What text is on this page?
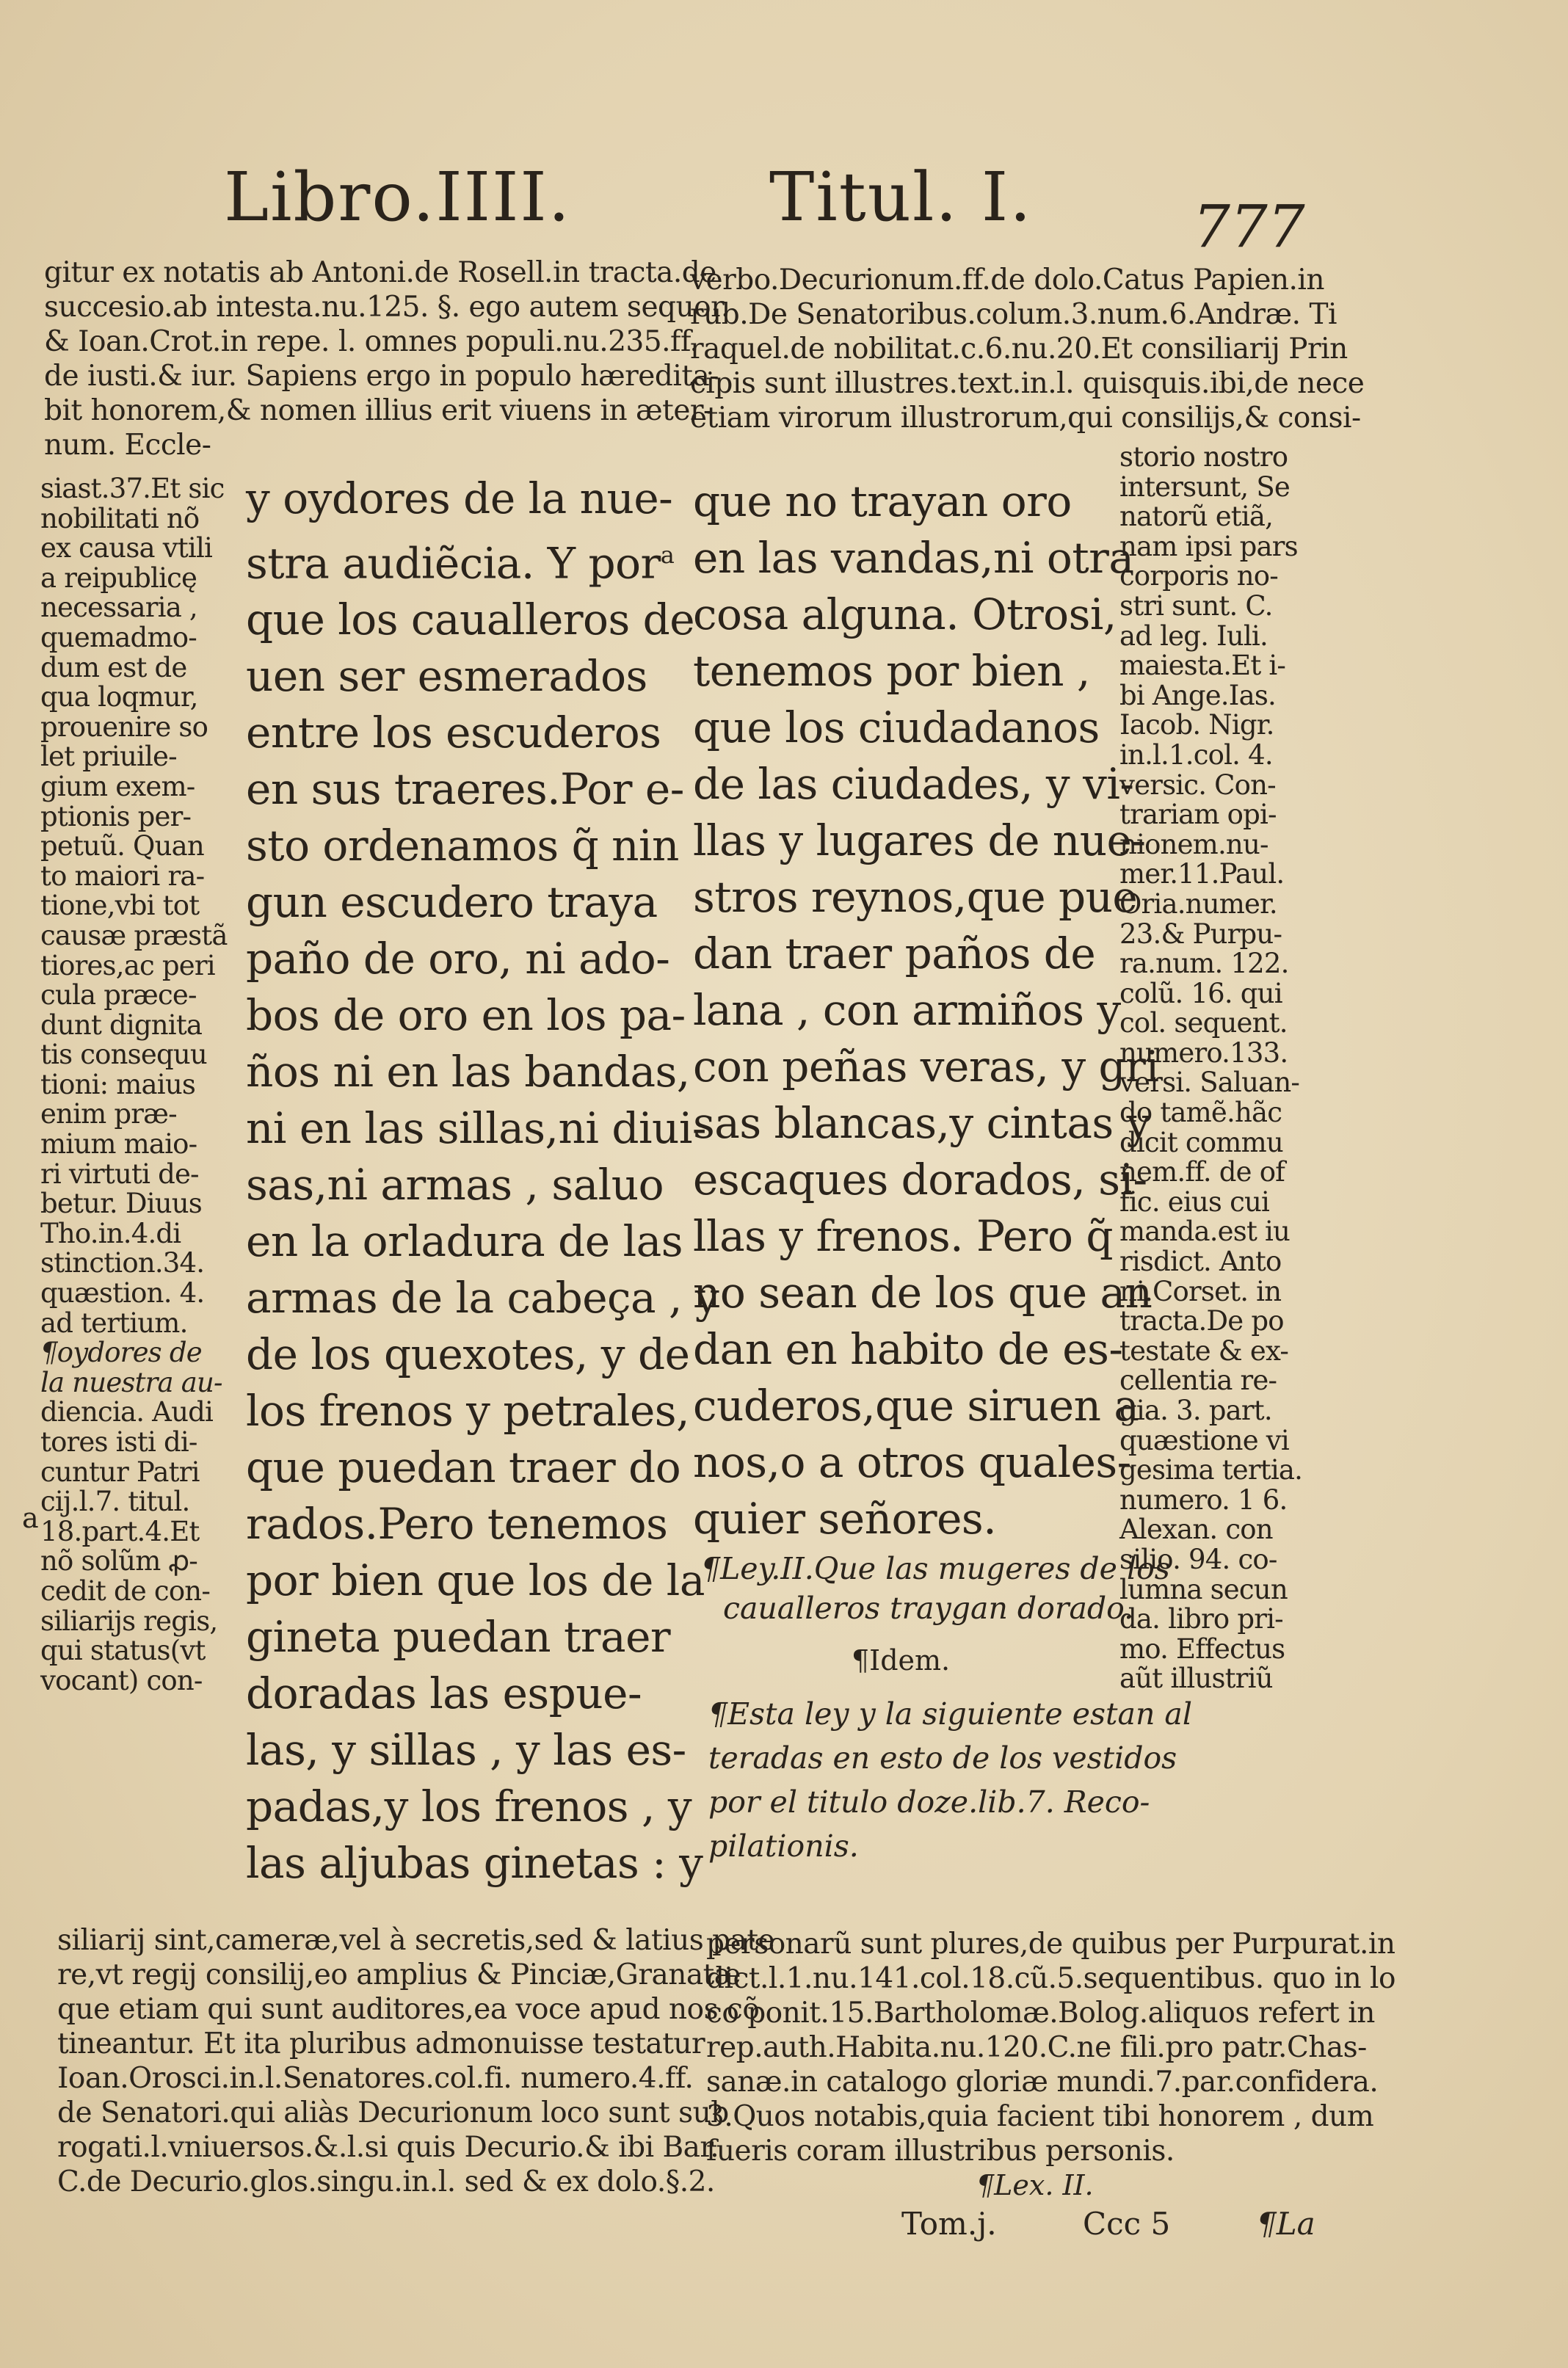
Libro.IIII.	Titul. I.	777
gitur ex notatis ab Antoni.de Rosell.in tracta.de
succesio.ab intesta.nu.125. §. ego autem sequor.
& Ioan.Crot.in repe. l. omnes populi.nu.235.ff.
de iusti.& iur. Sapiens ergo in populo hæredita-
bit honorem,& nomen illius erit viuens in æter-
num. Eccle-
verbo.Decurionum.ff.de dolo.Catus Papien.in
rub.De Senatoribus.colum.3.num.6.Andræ. Ti
raquel.de nobilitat.c.6.nu.20.Et consiliarij Prin
cipis sunt illustres.text.in.l. quisquis.ibi,de nece
etiam virorum illustrorum,qui consilijs,& consi-
siast.37.Et sic
nobilitati nõ
ex causa vtili
a reipublicę
necessaria ,
quemadmo-
dum est de
qua loqmur,
prouenire so
let priuile-
gium exem-
ptionis per-
petuũ. Quan
to maiori ra-
tione,vbi tot
causæ præstã
tiores,ac peri
cula præce-
dunt dignita
tis consequu
tioni: maius
enim præ-
mium maio-
ri virtuti de-
betur. Diuus
Tho.in.4.di
stinction.34.
quæstion. 4.
ad tertium.
¶oydores de
la nuestra au-
diencia. Audi
tores isti di-
cuntur Patri
cij.l.7. titul.
18.part.4.Et
nõ solũm ꝓ-
cedit de con-
siliarijs regis,
qui status(vt
vocant) con-
a
y oydores de la nue-
stra audiẽcia. Y por$^a$
que los caualleros de
uen ser esmerados
entre los escuderos
en sus traeres.Por e-
sto ordenamos q̃ nin
gun escudero traya
paño de oro, ni ado-
bos de oro en los pa-
ños ni en las bandas,
ni en las sillas,ni diui-
sas,ni armas , saluo
en la orladura de las
armas de la cabeça , y
de los quexotes, y de
los frenos y petrales,
que puedan traer do
rados.Pero tenemos
por bien que los de la
gineta puedan traer
doradas las espue-
las, y sillas , y las es-
padas,y los frenos , y
las aljubas ginetas : y
que no trayan oro
en las vandas,ni otra
cosa alguna. Otrosi,
tenemos por bien ,
que los ciudadanos
de las ciudades, y vi-
llas y lugares de nue-
stros reynos,que pue
dan traer paños de
lana , con armiños y
con peñas veras, y gri
sas blancas,y cintas y
escaques dorados, si-
llas y frenos. Pero q̃
no sean de los que an
dan en habito de es-
cuderos,que siruen a
nos,o a otros quales-
quier señores.
¶Ley.II.Que las mugeres de los
caualleros traygan dorado.
¶Idem.
¶Esta ley y la siguiente estan al
teradas en esto de los vestidos
por el titulo doze.lib.7. Reco-
pilationis.
storio nostro
intersunt, Se
natorũ etiã,
nam ipsi pars
corporis no-
stri sunt. C.
ad leg. Iuli.
maiesta.Et i-
bi Ange.Ias.
Iacob. Nigr.
in.l.1.col. 4.
versic. Con-
trariam opi-
nionem.nu-
mer.11.Paul.
Oria.numer.
23.& Purpu-
ra.num. 122.
colũ. 16. qui
col. sequent.
numero.133.
versi. Saluan-
do tamẽ.hãc
dicit commu
nem.ff. de of
fic. eius cui
manda.est iu
risdict. Anto
ni.Corset. in
tracta.De po
testate & ex-
cellentia re-
gia. 3. part.
quæstione vi
gesima tertia.
numero. 1 6.
Alexan. con
silio. 94. co-
lumna secun
da. libro pri-
mo. Effectus
aũt illustriũ
siliarij sint,cameræ,vel à secretis,sed & latius pate
re,vt regij consilij,eo amplius & Pinciæ,Granatæ
que etiam qui sunt auditores,ea voce apud nos cõ
tineantur. Et ita pluribus admonuisse testatur
Ioan.Orosci.in.l.Senatores.col.fi. numero.4.ff.
de Senatori.qui aliàs Decurionum loco sunt sub
rogati.l.vniuersos.&.l.si quis Decurio.& ibi Bar.
C.de Decurio.glos.singu.in.l. sed & ex dolo.§.2.
personarũ sunt plures,de quibus per Purpurat.in
dict.l.1.nu.141.col.18.cũ.5.sequentibus. quo in lo
co ponit.15.Bartholomæ.Bolog.aliquos refert in
rep.auth.Habita.nu.120.C.ne fili.pro patr.Chas-
sanæ.in catalogo gloriæ mundi.7.par.confidera.
3.Quos notabis,quia facient tibi honorem , dum
fueris coram illustribus personis.
¶Lex. II.
Tom.j.	Ccc 5	¶La
